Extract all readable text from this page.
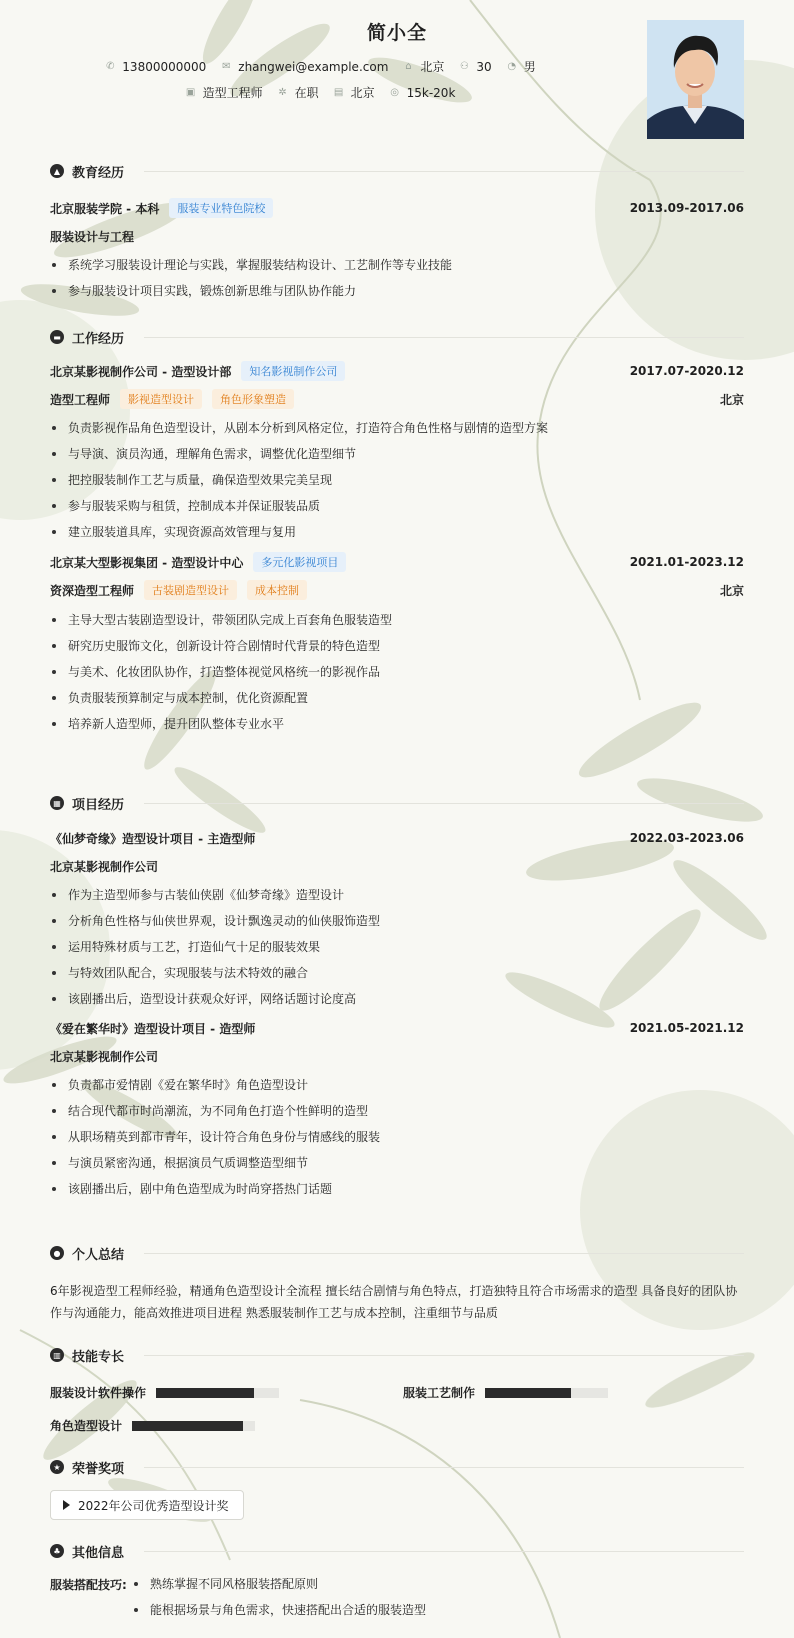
简小全
✆ 13800000000 ✉ zhangwei@example.com ⌂ 北京 ⚇ 30 ◔ 男
▣ 造型工程师 ✲ 在职 ▤ 北京 ◎ 15k-20k
▲ 教育经历
北京服装学院 - 本科	服装专业特色院校	2013.09-2017.06
服装设计与工程
系统学习服装设计理论与实践，掌握服装结构设计、工艺制作等专业技能
参与服装设计项目实践，锻炼创新思维与团队协作能力
▬ 工作经历
北京某影视制作公司 - 造型设计部	知名影视制作公司	2017.07-2020.12
造型工程师	影视造型设计	角色形象塑造	北京
负责影视作品角色造型设计，从剧本分析到风格定位，打造符合角色性格与剧情的造型方案
与导演、演员沟通，理解角色需求，调整优化造型细节
把控服装制作工艺与质量，确保造型效果完美呈现
参与服装采购与租赁，控制成本并保证服装品质
建立服装道具库，实现资源高效管理与复用
北京某大型影视集团 - 造型设计中心	多元化影视项目	2021.01-2023.12
资深造型工程师	古装剧造型设计	成本控制	北京
主导大型古装剧造型设计，带领团队完成上百套角色服装造型
研究历史服饰文化，创新设计符合剧情时代背景的特色造型
与美术、化妆团队协作，打造整体视觉风格统一的影视作品
负责服装预算制定与成本控制，优化资源配置
培养新人造型师，提升团队整体专业水平
▦ 项目经历
《仙梦奇缘》造型设计项目 - 主造型师	2022.03-2023.06
北京某影视制作公司
作为主造型师参与古装仙侠剧《仙梦奇缘》造型设计
分析角色性格与仙侠世界观，设计飘逸灵动的仙侠服饰造型
运用特殊材质与工艺，打造仙气十足的服装效果
与特效团队配合，实现服装与法术特效的融合
该剧播出后，造型设计获观众好评，网络话题讨论度高
《爱在繁华时》造型设计项目 - 造型师	2021.05-2021.12
北京某影视制作公司
负责都市爱情剧《爱在繁华时》角色造型设计
结合现代都市时尚潮流，为不同角色打造个性鲜明的造型
从职场精英到都市青年，设计符合角色身份与情感线的服装
与演员紧密沟通，根据演员气质调整造型细节
该剧播出后，剧中角色造型成为时尚穿搭热门话题
● 个人总结
6年影视造型工程师经验，精通角色造型设计全流程 擅长结合剧情与角色特点，打造独特且符合市场需求的造型 具备良好的团队协
作与沟通能力，能高效推进项目进程 熟悉服装制作工艺与成本控制，注重细节与品质
▥ 技能专长
服装设计软件操作	服装工艺制作
角色造型设计
★ 荣誉奖项
2022年公司优秀造型设计奖
♣ 其他信息
服装搭配技巧:	熟练掌握不同风格服装搭配原则
能根据场景与角色需求，快速搭配出合适的服装造型
